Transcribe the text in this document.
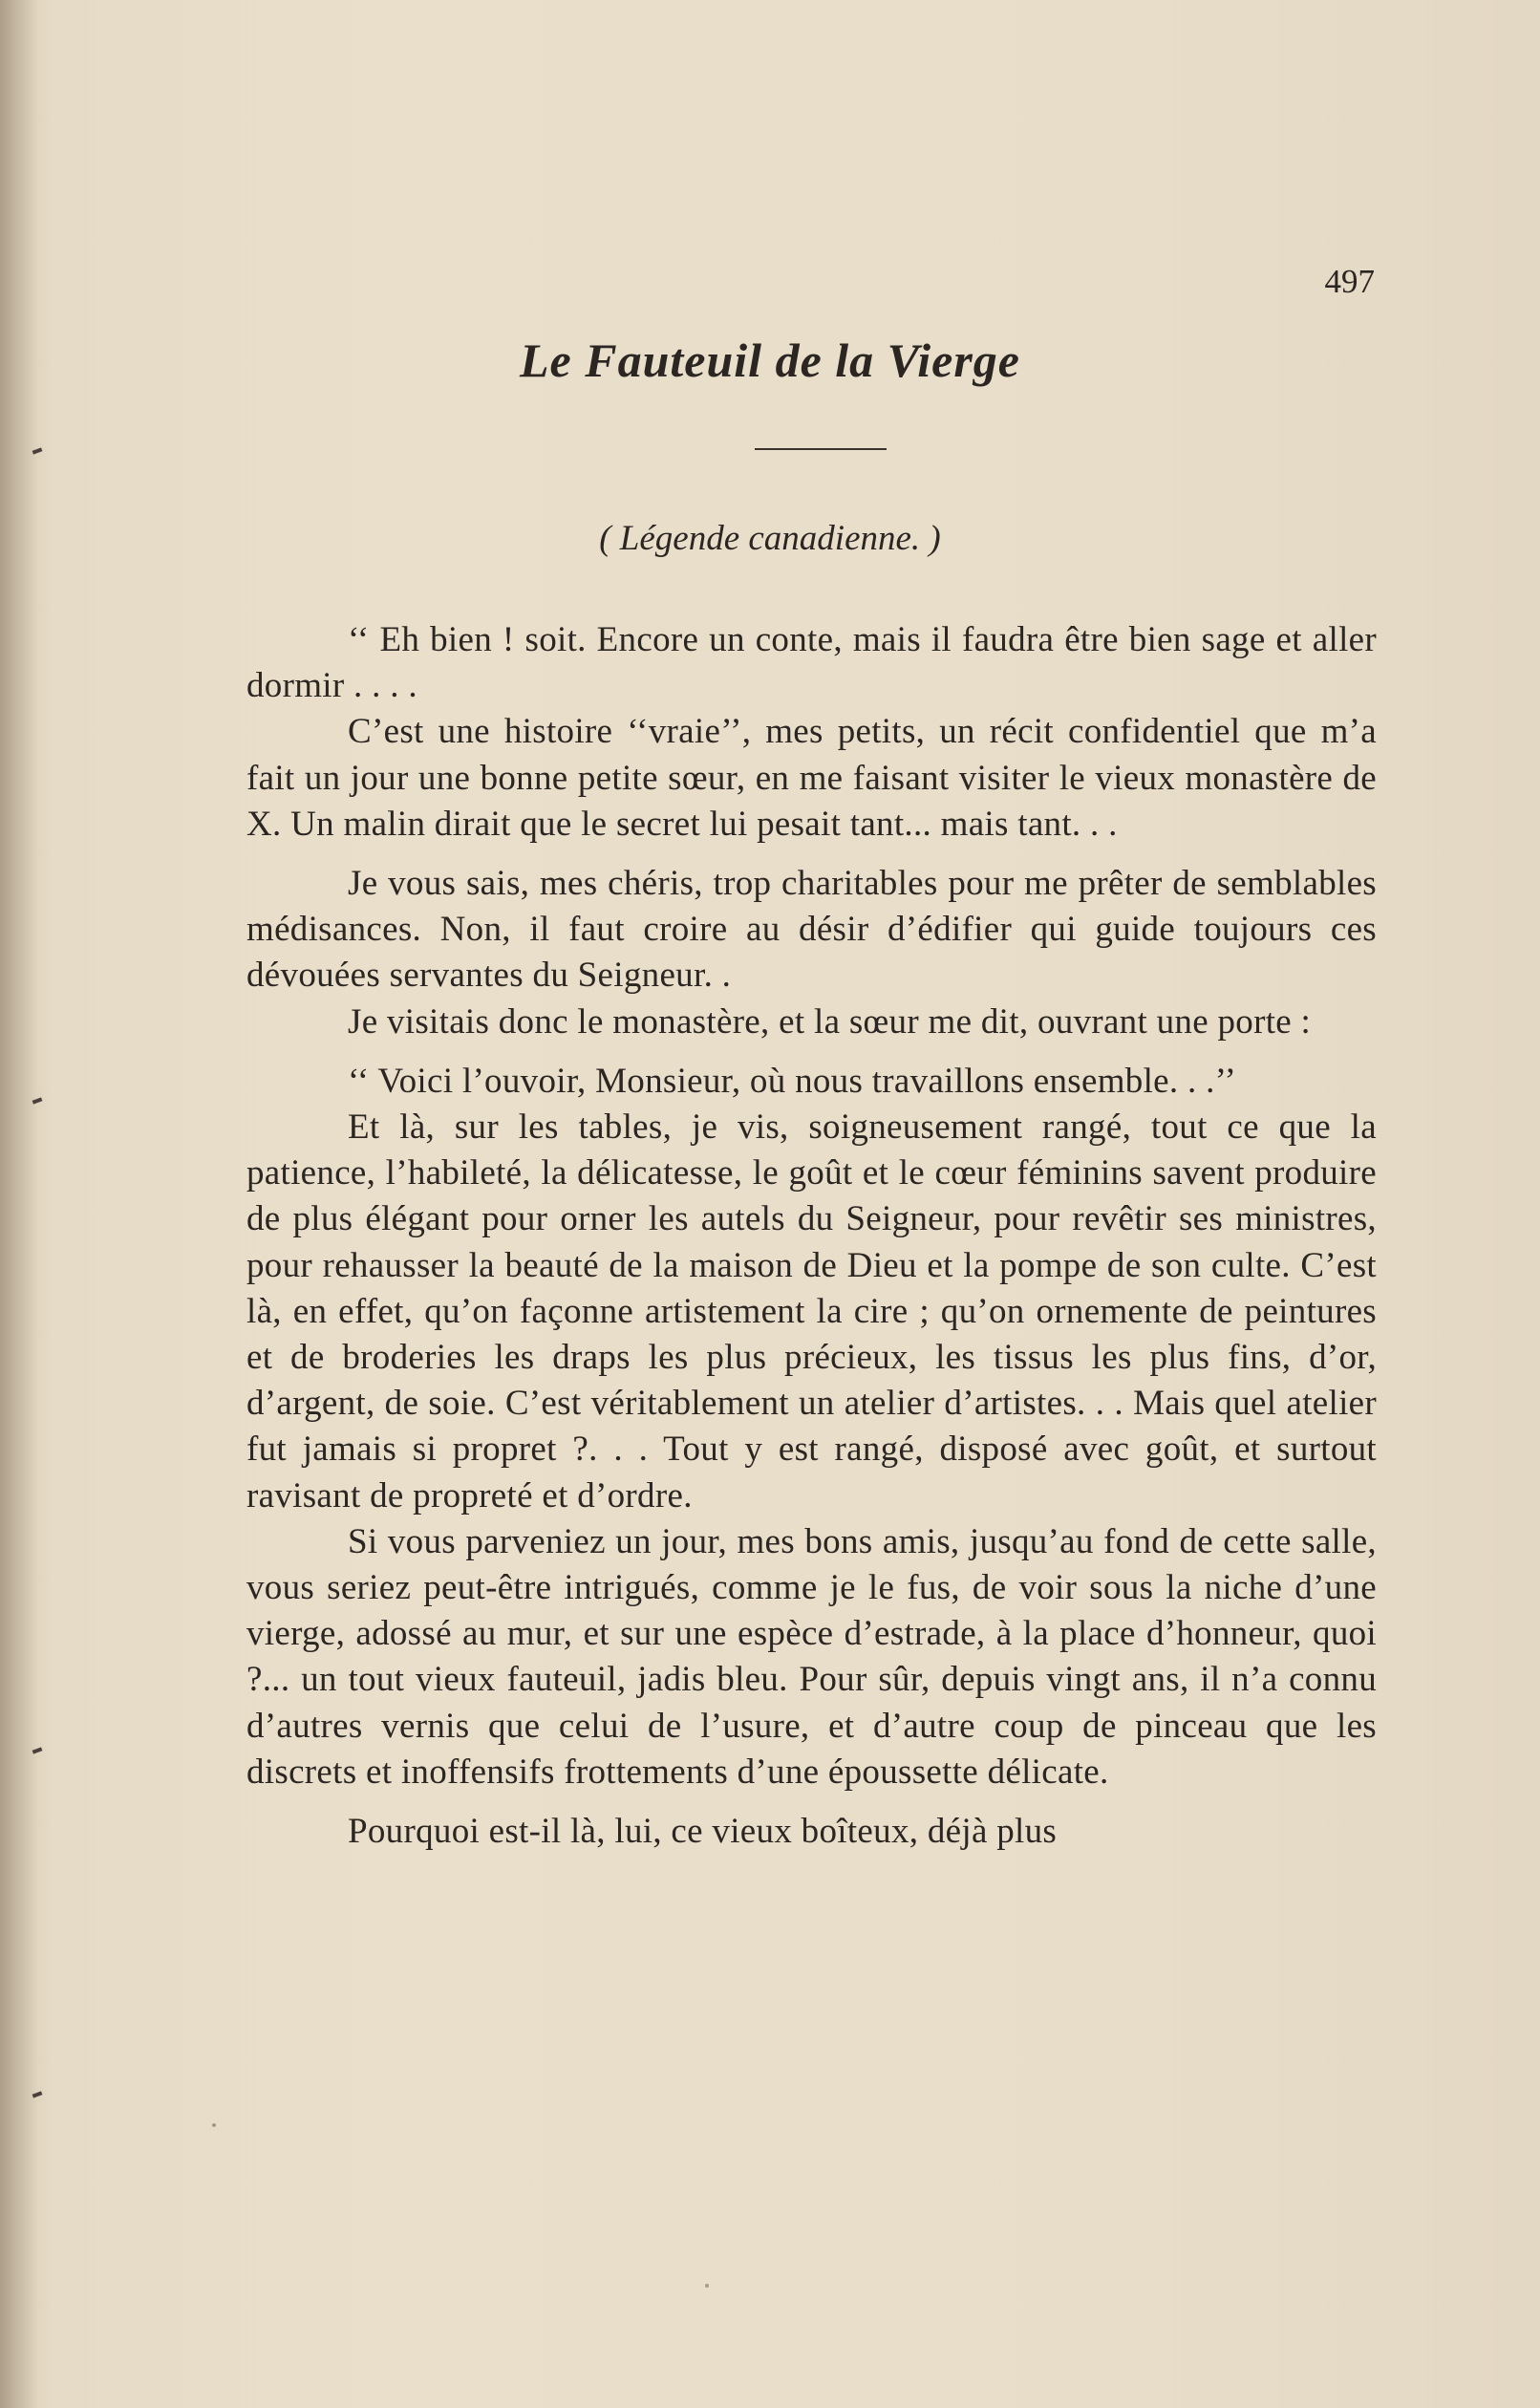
497
Le Fauteuil de la Vierge
( Légende canadienne. )

‘‘ Eh bien ! soit. Encore un conte, mais il faudra être bien sage et aller dormir . . . .

C’est une histoire ‘‘vraie’’, mes petits, un récit confidentiel que m’a fait un jour une bonne petite sœur, en me faisant visiter le vieux monastère de X. Un malin dirait que le secret lui pesait tant... mais tant. . .

Je vous sais, mes chéris, trop charitables pour me prêter de semblables médisances. Non, il faut croire au désir d’édifier qui guide toujours ces dévouées servantes du Seigneur. .

Je visitais donc le monastère, et la sœur me dit, ouvrant une porte :

‘‘ Voici l’ouvoir, Monsieur, où nous travaillons ensemble. . .’’

Et là, sur les tables, je vis, soigneusement rangé, tout ce que la patience, l’habileté, la délicatesse, le goût et le cœur féminins savent produire de plus élégant pour orner les autels du Seigneur, pour revêtir ses ministres, pour rehausser la beauté de la maison de Dieu et la pompe de son culte. C’est là, en effet, qu’on façonne artistement la cire ; qu’on ornemente de peintures et de broderies les draps les plus précieux, les tissus les plus fins, d’or, d’argent, de soie. C’est véritablement un atelier d’artistes. . . Mais quel atelier fut jamais si propret ?. . . Tout y est rangé, disposé avec goût, et surtout ravisant de propreté et d’ordre.

Si vous parveniez un jour, mes bons amis, jusqu’au fond de cette salle, vous seriez peut-être intrigués, comme je le fus, de voir sous la niche d’une vierge, adossé au mur, et sur une espèce d’estrade, à la place d’honneur, quoi ?... un tout vieux fauteuil, jadis bleu. Pour sûr, depuis vingt ans, il n’a connu d’autres vernis que celui de l’usure, et d’autre coup de pinceau que les discrets et inoffensifs frottements d’une époussette délicate.

Pourquoi est-il là, lui, ce vieux boîteux, déjà plus
